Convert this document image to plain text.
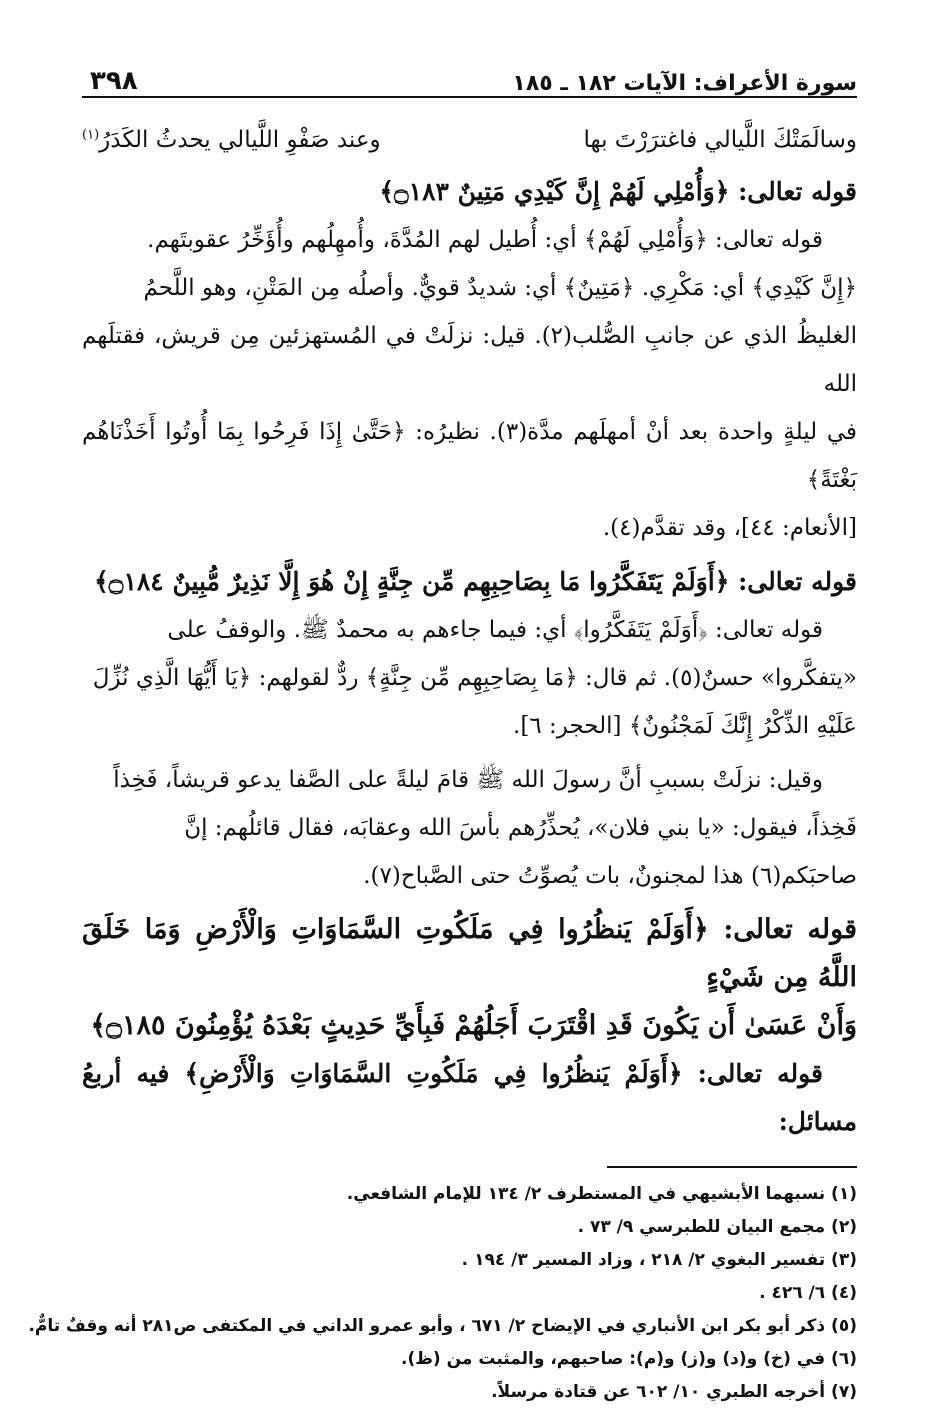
سورة الأعراف: الآيات ١٨٢ ـ ١٨٥
٣٩٨
وسالَمَتْكَ اللَّيالي فاغترَرْتَ بها
وعند صَفْوِ اللَّيالي يحدثُ الكَدَرُ$^{(١)}$

قوله تعالى: ﴿وَأُمْلِي لَهُمْ إِنَّ كَيْدِي مَتِينٌ ۝١٨٣﴾

قوله تعالى: ﴿وَأُمْلِي لَهُمْ﴾ أي: أُطيل لهم المُدَّةَ، وأُمهِلُهم وأُؤَخِّرُ عقوبتَهم.

﴿إِنَّ كَيْدِي﴾ أي: مَكْرِي. ﴿مَتِينٌ﴾ أي: شديدٌ قويٌّ. وأصلُه مِن المَتْنِ، وهو اللَّحمُ

الغليظُ الذي عن جانبِ الصُّلب(٢). قيل: نزلَتْ في المُستهزئين مِن قريش، فقتلَهم الله

في ليلةٍ واحدة بعد أنْ أمهلَهم مدَّة(٣). نظيرُه: ﴿حَتَّىٰ إِذَا فَرِحُوا بِمَا أُوتُوا أَخَذْنَاهُم بَغْتَةً﴾

[الأنعام: ٤٤]، وقد تقدَّم(٤).

قوله تعالى: ﴿أَوَلَمْ يَتَفَكَّرُوا مَا بِصَاحِبِهِم مِّن جِنَّةٍ إِنْ هُوَ إِلَّا نَذِيرٌ مُّبِينٌ ۝١٨٤﴾

قوله تعالى: ﴿أَوَلَمْ يَتَفَكَّرُوا﴾ أي: فيما جاءهم به محمدٌ ﷺ. والوقفُ على

«يتفكَّروا» حسنٌ(٥). ثم قال: ﴿مَا بِصَاحِبِهِم مِّن جِنَّةٍ﴾ ردٌّ لقولهم: ﴿يَا أَيُّهَا الَّذِي نُزِّلَ

عَلَيْهِ الذِّكْرُ إِنَّكَ لَمَجْنُونٌ﴾ [الحجر: ٦].

وقيل: نزلَتْ بسببِ أنَّ رسولَ الله ﷺ قامَ ليلةً على الصَّفا يدعو قريشاً، فَخِذاً

فَخِذاً، فيقول: «يا بني فلان»، يُحذِّرُهم بأسَ الله وعقابَه، فقال قائلُهم: إنَّ

صاحبَكم(٦) هذا لمجنونٌ، بات يُصوِّتُ حتى الصَّباح(٧).

قوله تعالى: ﴿أَوَلَمْ يَنظُرُوا فِي مَلَكُوتِ السَّمَاوَاتِ وَالْأَرْضِ وَمَا خَلَقَ اللَّهُ مِن شَيْءٍ

وَأَنْ عَسَىٰ أَن يَكُونَ قَدِ اقْتَرَبَ أَجَلُهُمْ فَبِأَيِّ حَدِيثٍ بَعْدَهُ يُؤْمِنُونَ ۝١٨٥﴾

قوله تعالى: ﴿أَوَلَمْ يَنظُرُوا فِي مَلَكُوتِ السَّمَاوَاتِ وَالْأَرْضِ﴾ فيه أربعُ مسائل:

(١) نسبهما الأبشيهي في المستطرف ٢/ ١٣٤ للإمام الشافعي.
(٢) مجمع البيان للطبرسي ٩/ ٧٣ .
(٣) تفسير البغوي ٢/ ٢١٨ ، وزاد المسير ٣/ ١٩٤ .
(٤) ٦/ ٤٢٦ .
(٥) ذكر أبو بكر ابن الأنباري في الإيضاح ٢/ ٦٧١ ، وأبو عمرو الداني في المكتفى ص٢٨١ أنه وقفٌ تامٌّ.
(٦) في (خ) و(د) و(ز) و(م): صاحبهم، والمثبت من (ظ).
(٧) أخرجه الطبري ١٠/ ٦٠٢ عن قتادة مرسلاً.
